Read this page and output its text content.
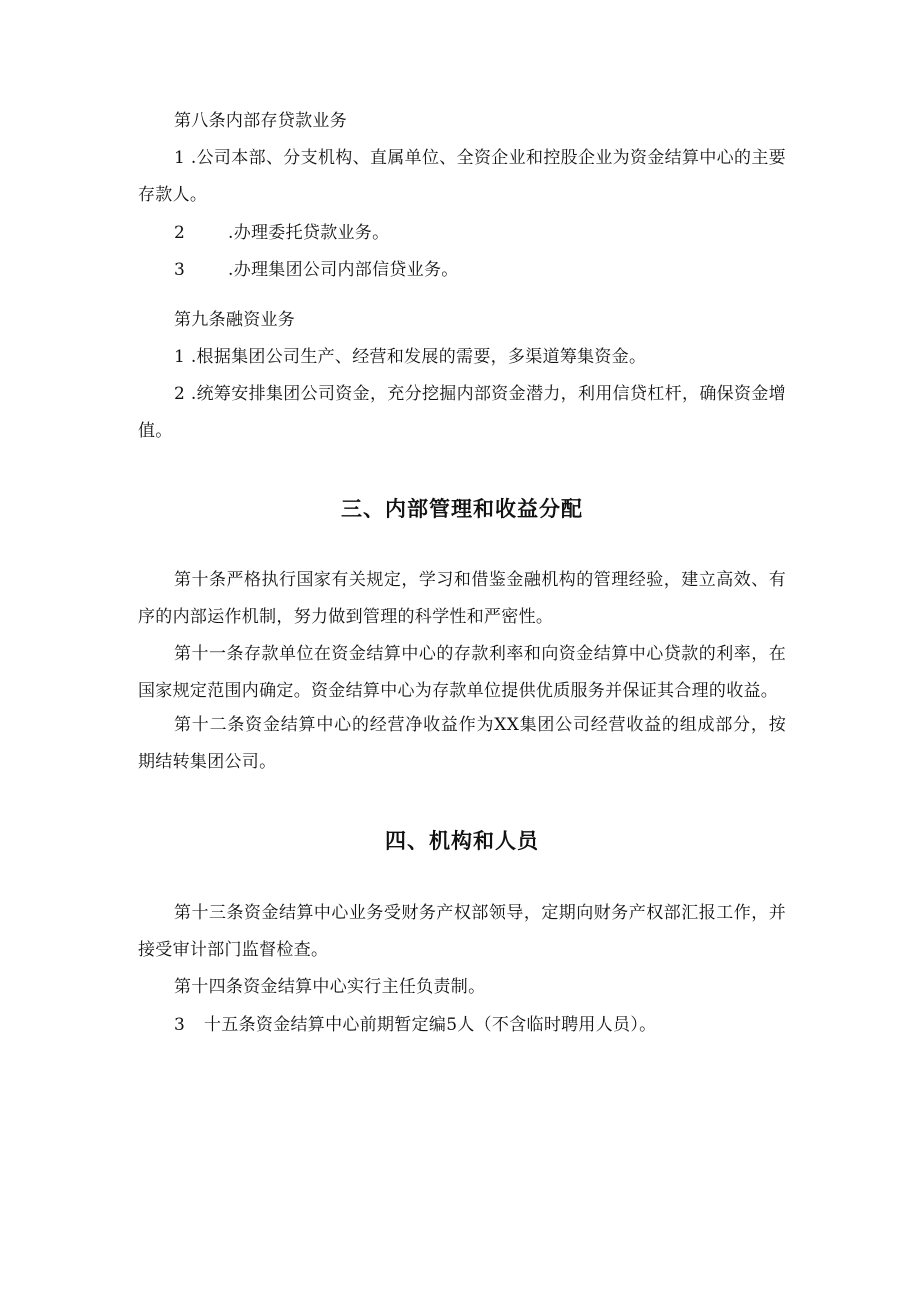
第八条内部存贷款业务

1 .公司本部、分支机构、直属单位、全资企业和控股企业为资金结算中心的主要存款人。

2	.办理委托贷款业务。

3	.办理集团公司内部信贷业务。

第九条融资业务

1 .根据集团公司生产、经营和发展的需要，多渠道筹集资金。

2 .统筹安排集团公司资金，充分挖掘内部资金潜力，利用信贷杠杆，确保资金增值。

三、内部管理和收益分配

第十条严格执行国家有关规定，学习和借鉴金融机构的管理经验，建立高效、有序的内部运作机制，努力做到管理的科学性和严密性。

第十一条存款单位在资金结算中心的存款利率和向资金结算中心贷款的利率，在国家规定范围内确定。资金结算中心为存款单位提供优质服务并保证其合理的收益。

第十二条资金结算中心的经营净收益作为XX集团公司经营收益的组成部分，按期结转集团公司。

四、机构和人员

第十三条资金结算中心业务受财务产权部领导，定期向财务产权部汇报工作，并接受审计部门监督检查。

第十四条资金结算中心实行主任负责制。

3 十五条资金结算中心前期暂定编5人（不含临时聘用人员）。
